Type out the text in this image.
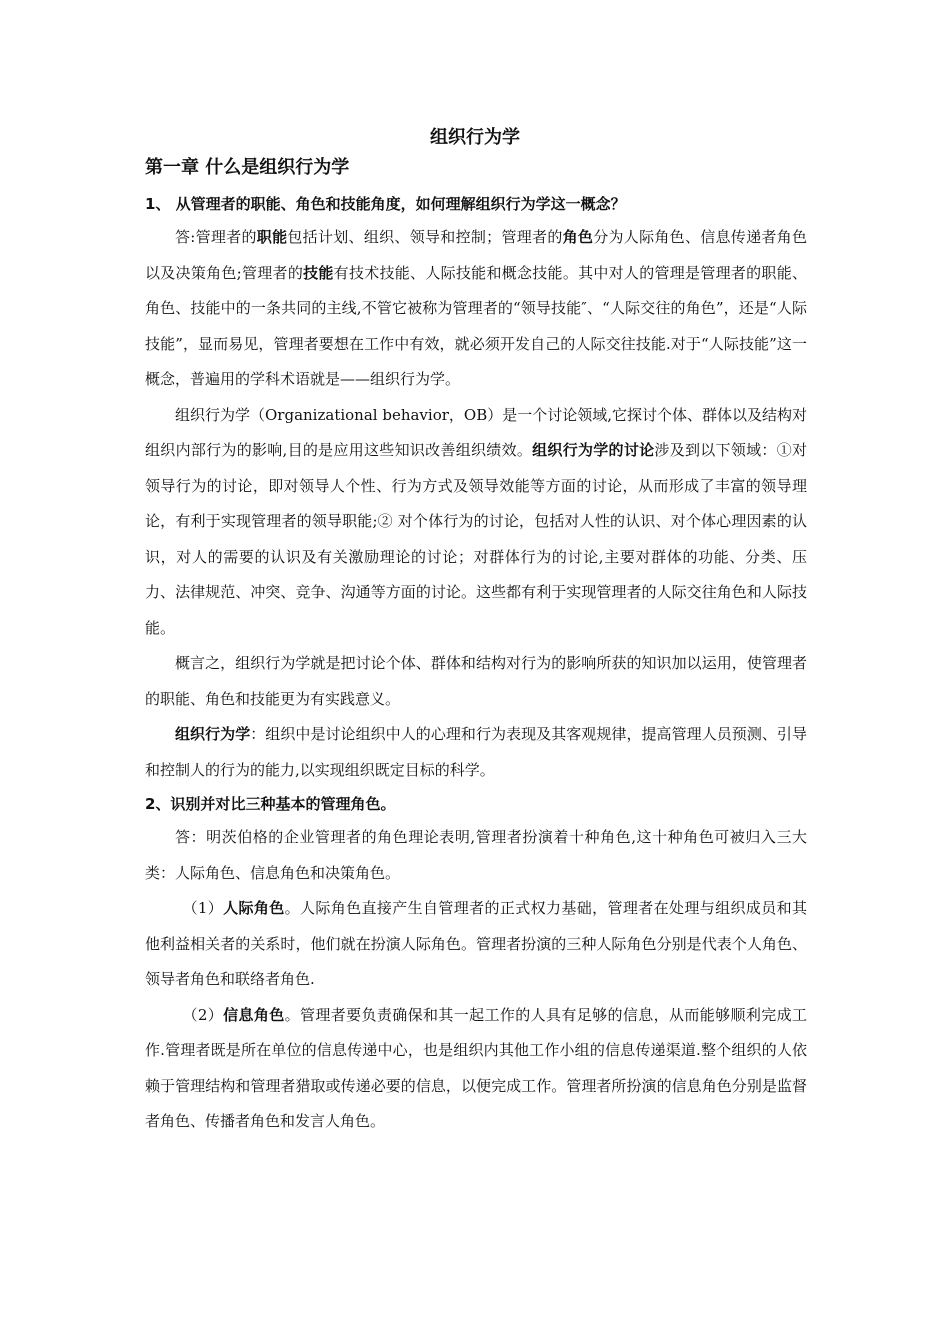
组织行为学
第一章 什么是组织行为学

1、 从管理者的职能、角色和技能角度，如何理解组织行为学这一概念？

答:管理者的职能包括计划、组织、领导和控制；管理者的角色分为人际角色、信息传递者角色以及决策角色;管理者的技能有技术技能、人际技能和概念技能。其中对人的管理是管理者的职能、角色、技能中的一条共同的主线,不管它被称为管理者的“领导技能″、“人际交往的角色”，还是“人际技能”，显而易见，管理者要想在工作中有效，就必须开发自己的人际交往技能.对于“人际技能”这一概念，普遍用的学科术语就是——组织行为学。

组织行为学（Organizational behavior，OB）是一个讨论领域,它探讨个体、群体以及结构对组织内部行为的影响,目的是应用这些知识改善组织绩效。组织行为学的讨论涉及到以下领域：①对领导行为的讨论，即对领导人个性、行为方式及领导效能等方面的讨论，从而形成了丰富的领导理论，有利于实现管理者的领导职能;② 对个体行为的讨论，包括对人性的认识、对个体心理因素的认识，对人的需要的认识及有关激励理论的讨论；对群体行为的讨论,主要对群体的功能、分类、压力、法律规范、冲突、竞争、沟通等方面的讨论。这些都有利于实现管理者的人际交往角色和人际技能。

概言之，组织行为学就是把讨论个体、群体和结构对行为的影响所获的知识加以运用，使管理者的职能、角色和技能更为有实践意义。

组织行为学：组织中是讨论组织中人的心理和行为表现及其客观规律，提高管理人员预测、引导和控制人的行为的能力,以实现组织既定目标的科学。

2、识别并对比三种基本的管理角色。

答：明茨伯格的企业管理者的角色理论表明,管理者扮演着十种角色,这十种角色可被归入三大类：人际角色、信息角色和决策角色。

（1）人际角色。人际角色直接产生自管理者的正式权力基础，管理者在处理与组织成员和其他利益相关者的关系时，他们就在扮演人际角色。管理者扮演的三种人际角色分别是代表个人角色、领导者角色和联络者角色.

（2）信息角色。管理者要负责确保和其一起工作的人具有足够的信息，从而能够顺利完成工作.管理者既是所在单位的信息传递中心，也是组织内其他工作小组的信息传递渠道.整个组织的人依赖于管理结构和管理者猎取或传递必要的信息，以便完成工作。管理者所扮演的信息角色分别是监督者角色、传播者角色和发言人角色。
